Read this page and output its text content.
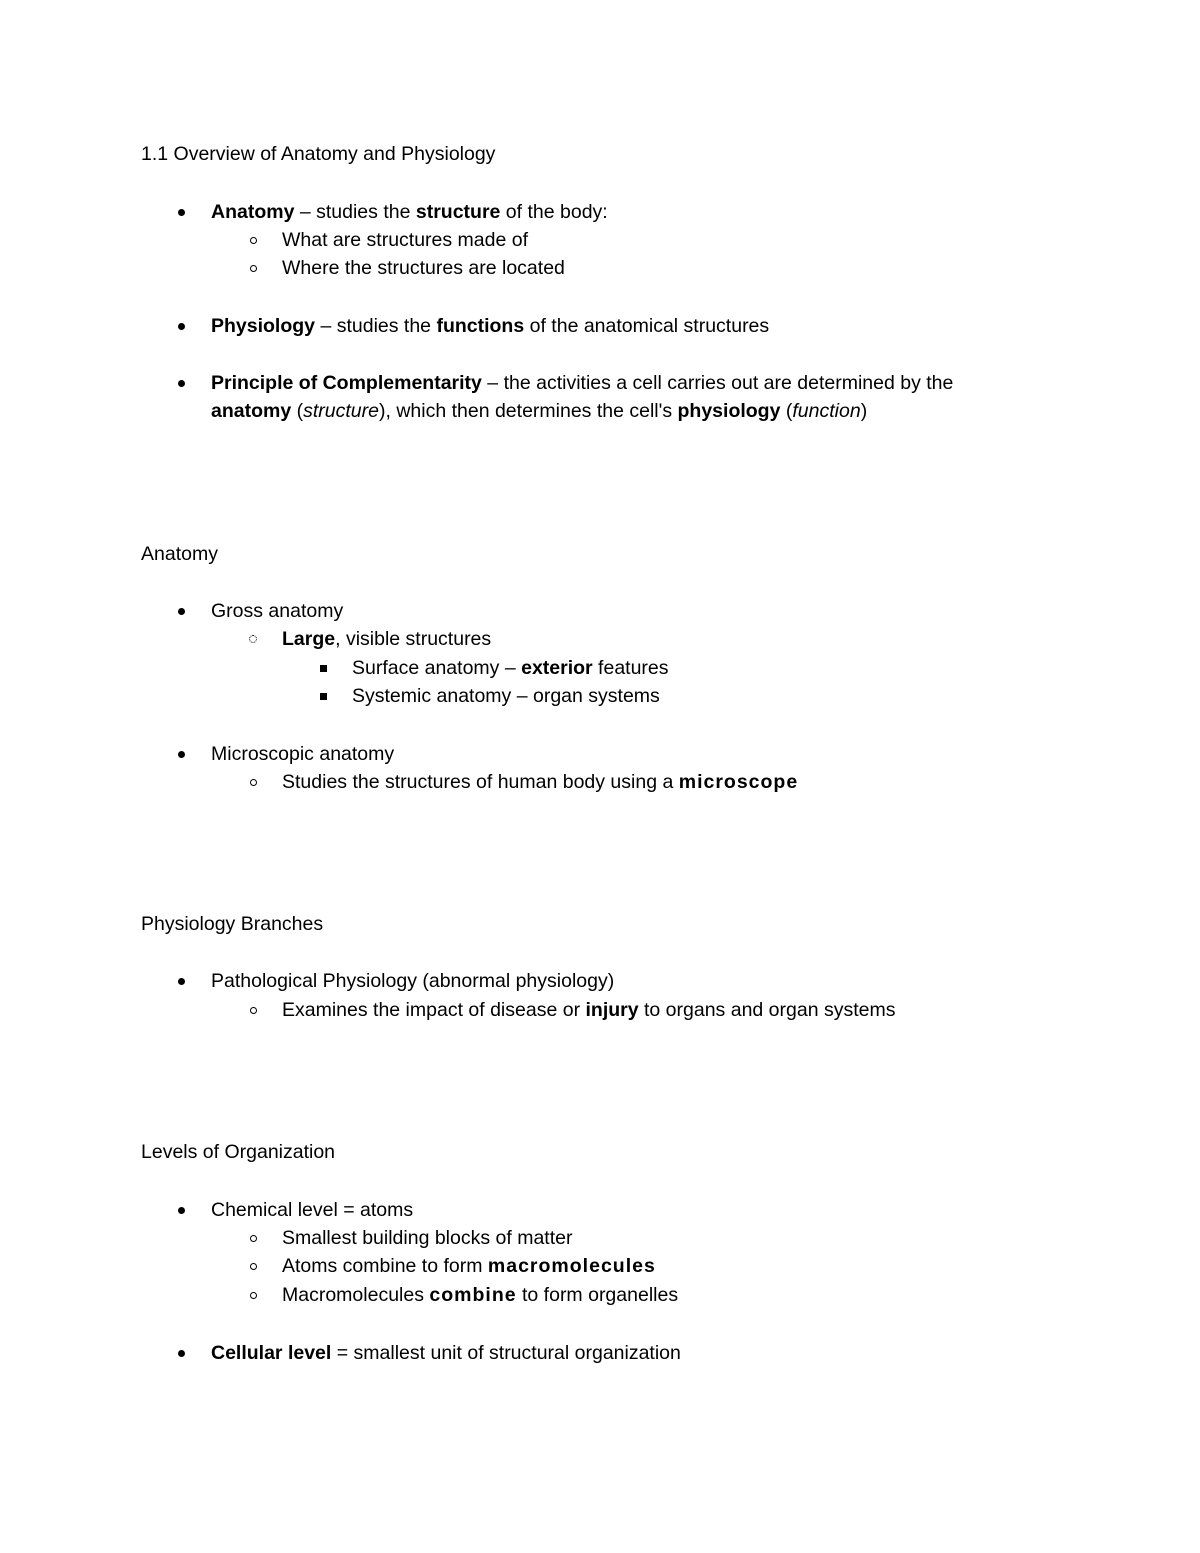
1.1 Overview of Anatomy and Physiology
Anatomy – studies the structure of the body:
What are structures made of
Where the structures are located
Physiology – studies the functions of the anatomical structures
Principle of Complementarity – the activities a cell carries out are determined by the
anatomy (structure), which then determines the cell's physiology (function)
Anatomy
Gross anatomy
Large, visible structures
Surface anatomy – exterior features
Systemic anatomy – organ systems
Microscopic anatomy
Studies the structures of human body using a microscope
Physiology Branches
Pathological Physiology (abnormal physiology)
Examines the impact of disease or injury to organs and organ systems
Levels of Organization
Chemical level = atoms
Smallest building blocks of matter
Atoms combine to form macromolecules
Macromolecules combine to form organelles
Cellular level = smallest unit of structural organization
